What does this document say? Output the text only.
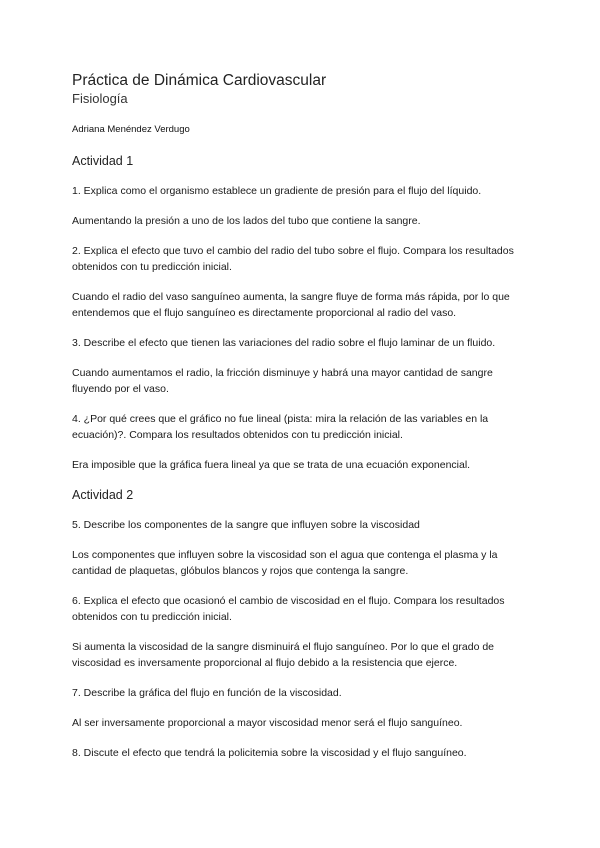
Práctica de Dinámica Cardiovascular
Fisiología

Adriana Menéndez Verdugo

Actividad 1

1. Explica como el organismo establece un gradiente de presión para el flujo del líquido.

Aumentando la presión a uno de los lados del tubo que contiene la sangre.

2. Explica el efecto que tuvo el cambio del radio del tubo sobre el flujo. Compara los resultados obtenidos con tu predicción inicial.

Cuando el radio del vaso sanguíneo aumenta, la sangre fluye de forma más rápida, por lo que entendemos que el flujo sanguíneo es directamente proporcional al radio del vaso.

3. Describe el efecto que tienen las variaciones del radio sobre el flujo laminar de un fluido.

Cuando aumentamos el radio, la fricción disminuye y habrá una mayor cantidad de sangre fluyendo por el vaso.

4. ¿Por qué crees que el gráfico no fue lineal (pista: mira la relación de las variables en la ecuación)?. Compara los resultados obtenidos con tu predicción inicial.

Era imposible que la gráfica fuera lineal ya que se trata de una ecuación exponencial.

Actividad 2

5. Describe los componentes de la sangre que influyen sobre la viscosidad

Los componentes que influyen sobre la viscosidad son el agua que contenga el plasma y la cantidad de plaquetas, glóbulos blancos y rojos que contenga la sangre.

6. Explica el efecto que ocasionó el cambio de viscosidad en el flujo. Compara los resultados obtenidos con tu predicción inicial.

Si aumenta la viscosidad de la sangre disminuirá el flujo sanguíneo. Por lo que el grado de viscosidad es inversamente proporcional al flujo debido a la resistencia que ejerce.

7. Describe la gráfica del flujo en función de la viscosidad.

Al ser inversamente proporcional a mayor viscosidad menor será el flujo sanguíneo.

8. Discute el efecto que tendrá la policitemia sobre la viscosidad y el flujo sanguíneo.
